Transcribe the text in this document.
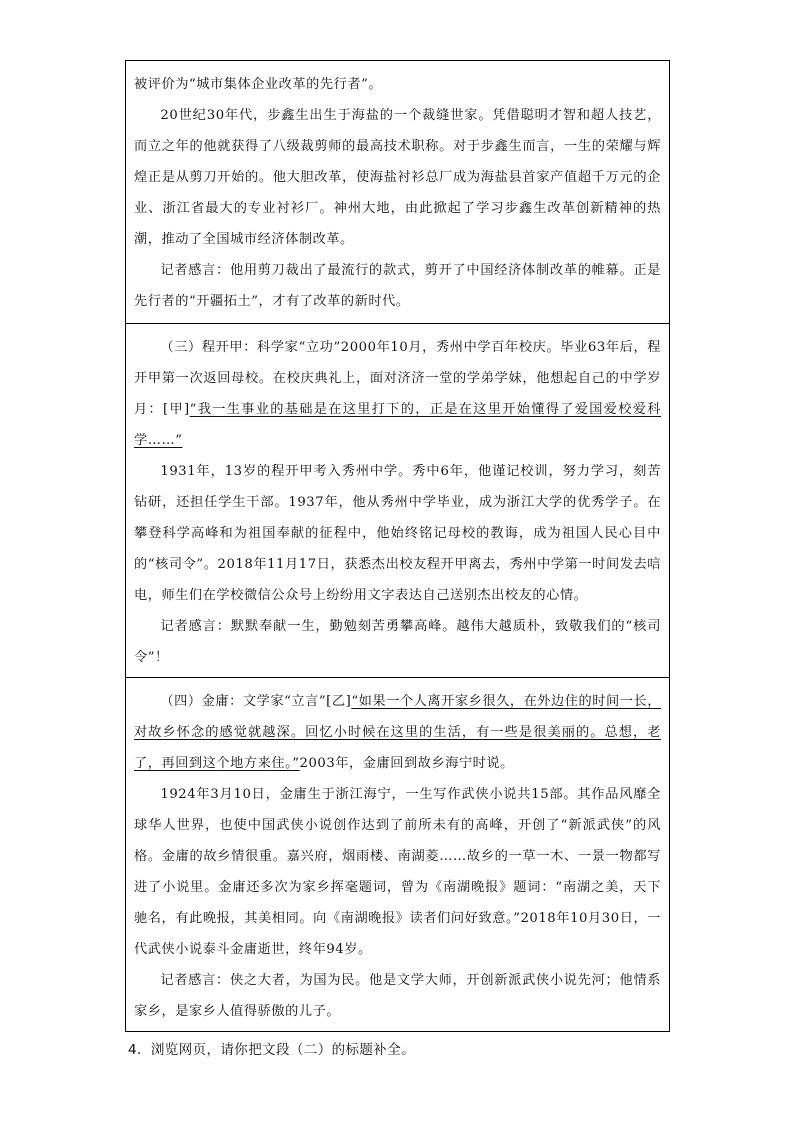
被评价为“城市集体企业改革的先行者”。

20世纪30年代，步鑫生出生于海盐的一个裁缝世家。凭借聪明才智和超人技艺，而立之年的他就获得了八级裁剪师的最高技术职称。对于步鑫生而言，一生的荣耀与辉煌正是从剪刀开始的。他大胆改革，使海盐衬衫总厂成为海盐县首家产值超千万元的企业、浙江省最大的专业衬衫厂。神州大地，由此掀起了学习步鑫生改革创新精神的热潮，推动了全国城市经济体制改革。

记者感言：他用剪刀裁出了最流行的款式，剪开了中国经济体制改革的帷幕。正是先行者的“开疆拓土”，才有了改革的新时代。

（三）程开甲：科学家“立功”2000年10月，秀州中学百年校庆。毕业63年后，程开甲第一次返回母校。在校庆典礼上，面对济济一堂的学弟学妹，他想起自己的中学岁月：[甲]“我一生事业的基础是在这里打下的，正是在这里开始懂得了爱国爱校爱科学……”

1931年，13岁的程开甲考入秀州中学。秀中6年，他谨记校训，努力学习，刻苦钻研，还担任学生干部。1937年，他从秀州中学毕业，成为浙江大学的优秀学子。在攀登科学高峰和为祖国奉献的征程中，他始终铭记母校的教诲，成为祖国人民心目中的“核司令”。2018年11月17日，获悉杰出校友程开甲离去，秀州中学第一时间发去唁电，师生们在学校微信公众号上纷纷用文字表达自己送别杰出校友的心情。

记者感言：默默奉献一生，勤勉刻苦勇攀高峰。越伟大越质朴，致敬我们的“核司令”！

（四）金庸：文学家“立言”[乙]“如果一个人离开家乡很久，在外边住的时间一长，对故乡怀念的感觉就越深。回忆小时候在这里的生活，有一些是很美丽的。总想，老了，再回到这个地方来住。”2003年，金庸回到故乡海宁时说。

1924年3月10日，金庸生于浙江海宁，一生写作武侠小说共15部。其作品风靡全球华人世界，也使中国武侠小说创作达到了前所未有的高峰，开创了“新派武侠”的风格。金庸的故乡情很重。嘉兴府，烟雨楼、南湖菱……故乡的一草一木、一景一物都写进了小说里。金庸还多次为家乡挥毫题词，曾为《南湖晚报》题词：“南湖之美，天下驰名，有此晚报，其美相同。向《南湖晚报》读者们问好致意。”2018年10月30日，一代武侠小说泰斗金庸逝世，终年94岁。

记者感言：侠之大者，为国为民。他是文学大师，开创新派武侠小说先河；他情系家乡，是家乡人值得骄傲的儿子。

4．浏览网页，请你把文段（二）的标题补全。
